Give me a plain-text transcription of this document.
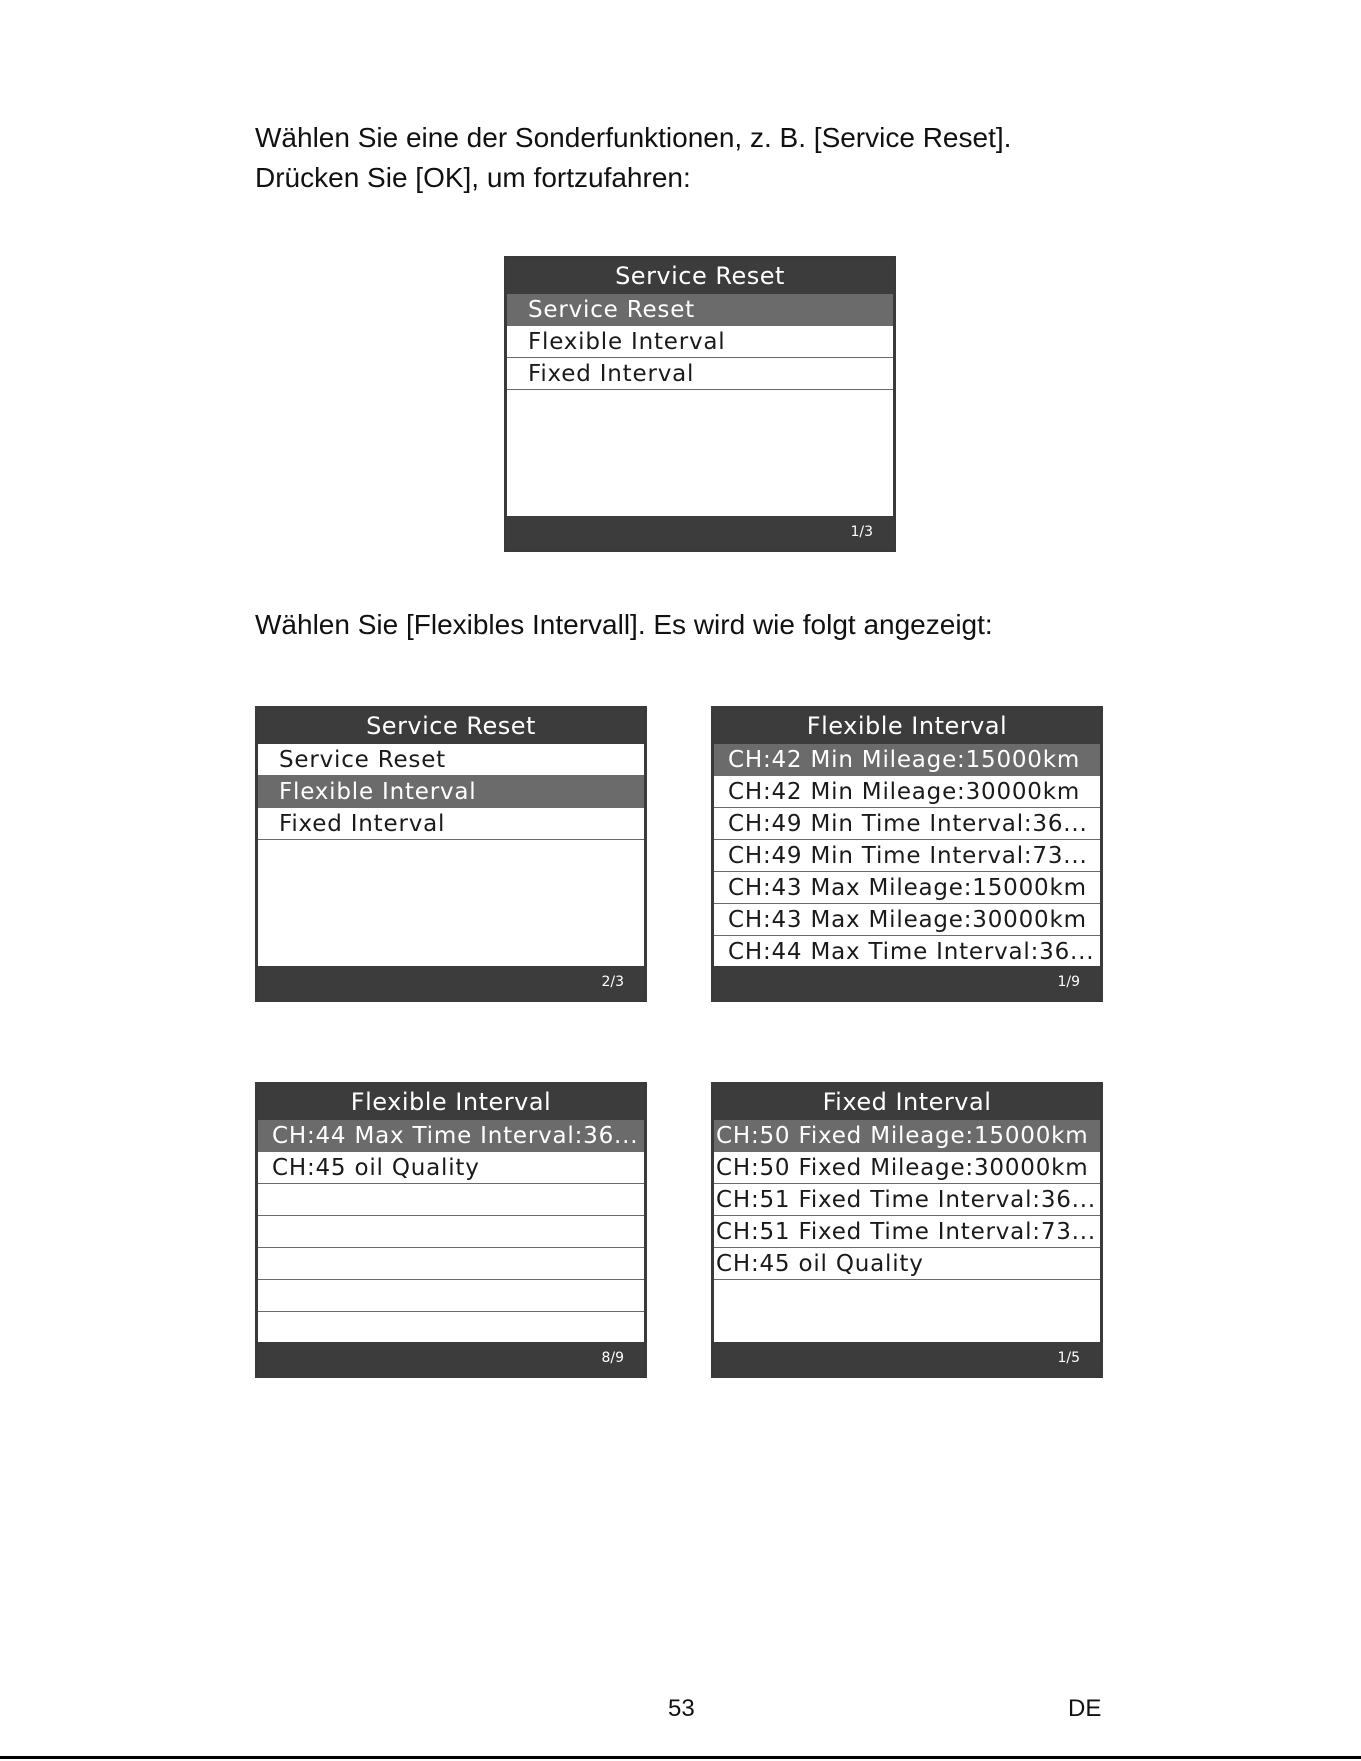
Wählen Sie eine der Sonderfunktionen, z. B. [Service Reset].

Drücken Sie [OK], um fortzufahren:

Service Reset
Service Reset
Flexible Interval
Fixed Interval
1/3

Wählen Sie [Flexibles Intervall]. Es wird wie folgt angezeigt:

Service Reset
Service Reset
Flexible Interval
Fixed Interval
2/3
Flexible Interval
CH:42 Min Mileage:15000km
CH:42 Min Mileage:30000km
CH:49 Min Time Interval:36...
CH:49 Min Time Interval:73...
CH:43 Max Mileage:15000km
CH:43 Max Mileage:30000km
CH:44 Max Time Interval:36...
1/9
Flexible Interval
CH:44 Max Time Interval:36...
CH:45 oil Quality
8/9
Fixed Interval
CH:50 Fixed Mileage:15000km
CH:50 Fixed Mileage:30000km
CH:51 Fixed Time Interval:36...
CH:51 Fixed Time Interval:73...
CH:45 oil Quality
1/5
53	DE
